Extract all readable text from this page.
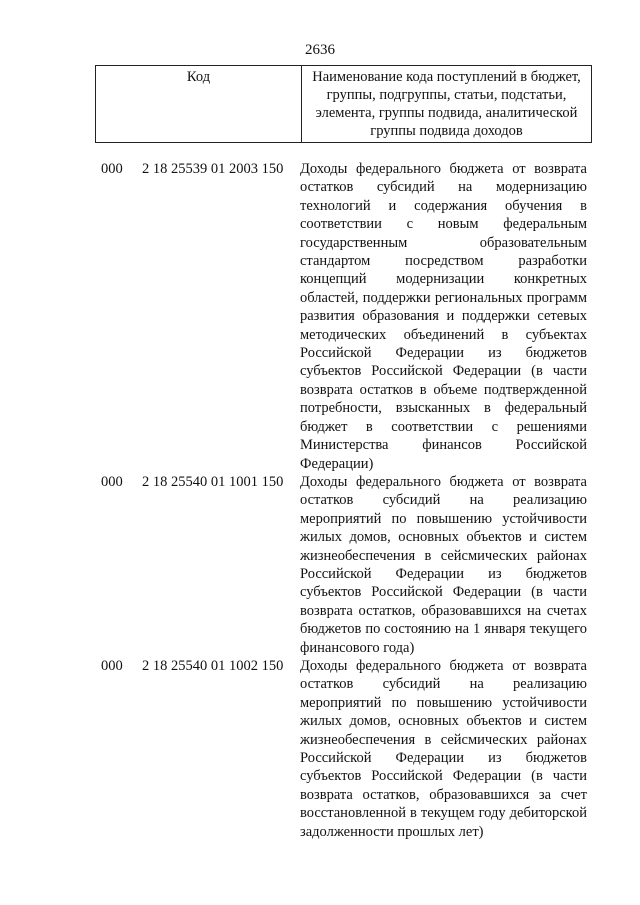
2636
Код	Наименование кода поступлений в бюджет, группы, подгруппы, статьи, подстатьи, элемента, группы подвида, аналитической группы подвида доходов
000 2 18 25539 01 2003 150 Доходы федерального бюджета от возврата остатков субсидий на модернизацию технологий и содержания обучения в соответствии с новым федеральным государственным образовательным стандартом посредством разработки концепций модернизации конкретных областей, поддержки региональных программ развития образования и поддержки сетевых методических объединений в субъектах Российской Федерации из бюджетов субъектов Российской Федерации (в части возврата остатков в объеме подтвержденной потребности, взысканных в федеральный бюджет в соответствии с решениями Министерства финансов Российской Федерации)
000 2 18 25540 01 1001 150 Доходы федерального бюджета от возврата остатков субсидий на реализацию мероприятий по повышению устойчивости жилых домов, основных объектов и систем жизнеобеспечения в сейсмических районах Российской Федерации из бюджетов субъектов Российской Федерации (в части возврата остатков, образовавшихся на счетах бюджетов по состоянию на 1 января текущего финансового года)
000 2 18 25540 01 1002 150 Доходы федерального бюджета от возврата остатков субсидий на реализацию мероприятий по повышению устойчивости жилых домов, основных объектов и систем жизнеобеспечения в сейсмических районах Российской Федерации из бюджетов субъектов Российской Федерации (в части возврата остатков, образовавшихся за счет восстановленной в текущем году дебиторской задолженности прошлых лет)
